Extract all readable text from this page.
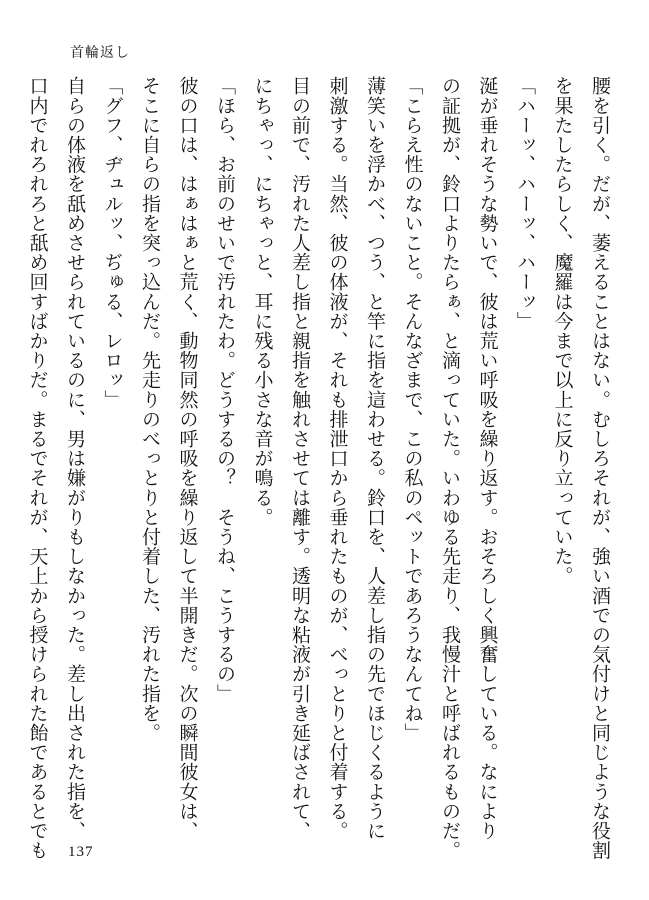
首輪返し
腰を引く。だが、萎えることはない。むしろそれが、強い酒での気付けと同じような役割
を果たしたらしく、魔羅は今まで以上に反り立っていた。
「ハーッ、ハーッ、ハーッ」
涎が垂れそうな勢いで、彼は荒い呼吸を繰り返す。おそろしく興奮している。なにより
の証拠が、鈴口よりたらぁ、と滴っていた。いわゆる先走り、我慢汁と呼ばれるものだ。
「こらえ性のないこと。そんなざまで、この私のペットであろうなんてね」
薄笑いを浮かべ、つう、と竿に指を這わせる。鈴口を、人差し指の先でほじくるように
刺激する。当然、彼の体液が、それも排泄口から垂れたものが、べっとりと付着する。
目の前で、汚れた人差し指と親指を触れさせては離す。透明な粘液が引き延ばされて、
にちゃっ、にちゃっと、耳に残る小さな音が鳴る。
「ほら、お前のせいで汚れたわ。どうするの？　そうね、こうするの」
彼の口は、はぁはぁと荒く、動物同然の呼吸を繰り返して半開きだ。次の瞬間彼女は、
そこに自らの指を突っ込んだ。先走りのべっとりと付着した、汚れた指を。
「グフ、ヂュルッ、ぢゅる、レロッ」
自らの体液を舐めさせられているのに、男は嫌がりもしなかった。差し出された指を、
口内でれろれろと舐め回すばかりだ。まるでそれが、天上から授けられた飴であるとでも	137
